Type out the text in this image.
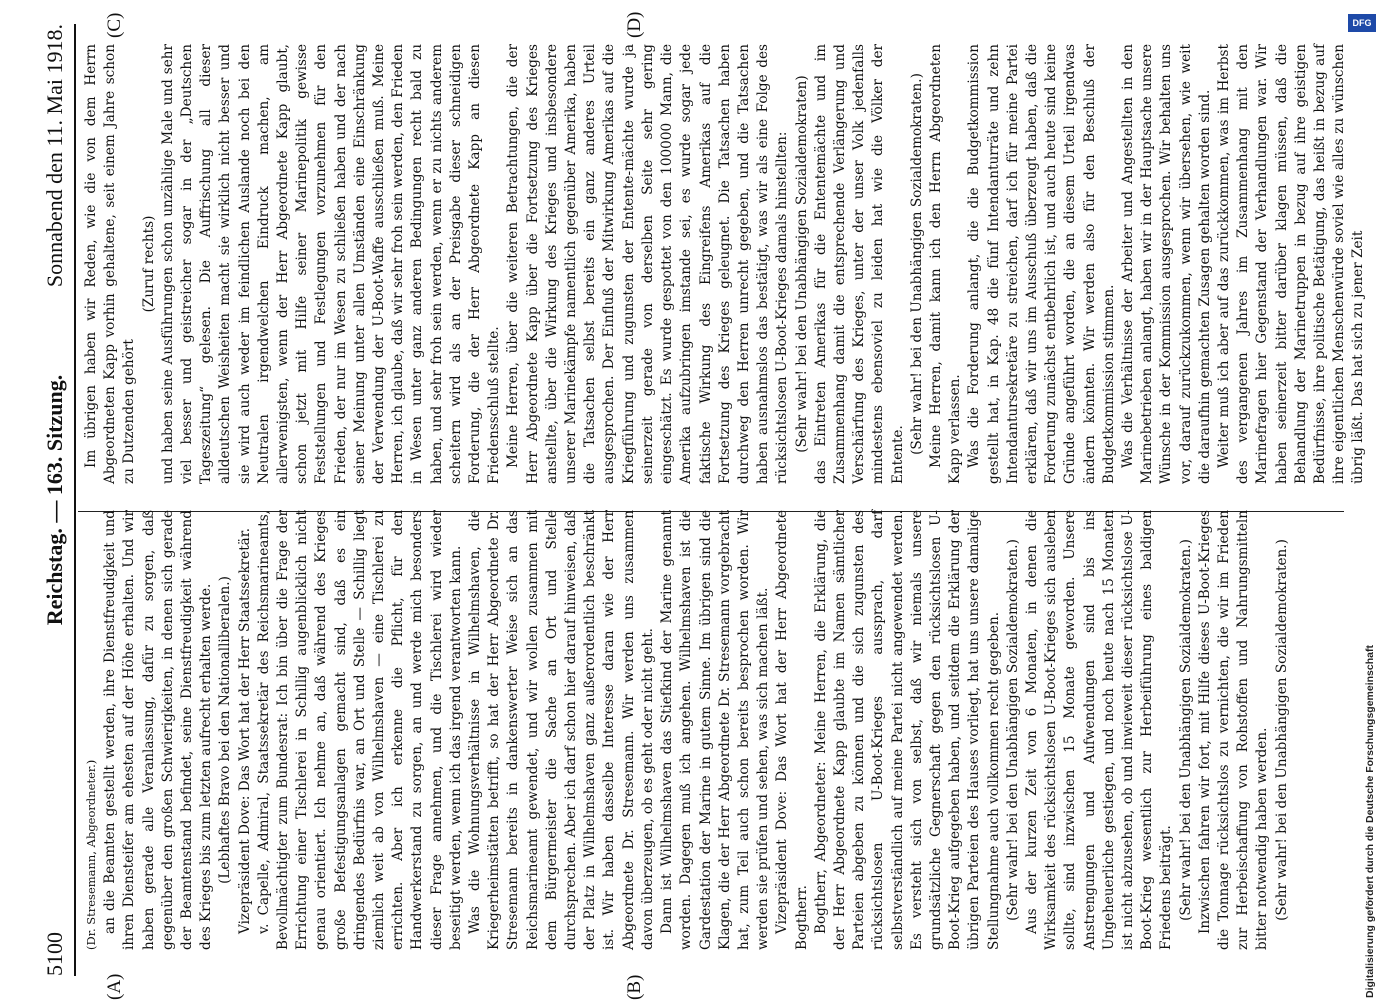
5100
Reichstag. — 163. Sitzung.
Sonnabend den 11. Mai 1918.
(A)	(B)
(C)	(D)

(Dr. Stresemann, Abgeordneter.) an die Beamten gestellt werden, ihre Dienstfreudigkeit und ihren Diensteifer am ehesten auf der Höhe erhalten. Und wir haben gerade alle Veranlassung, dafür zu sorgen, daß gegenüber den großen Schwierigkeiten, in denen sich gerade der Beamtenstand befindet, seine Dienstfreudigkeit während des Krieges bis zum letzten aufrecht erhalten werde. (Lebhaftes Bravo bei den Nationalliberalen.) Vizepräsident Dove: Das Wort hat der Herr Staatssekretär. v. Capelle, Admiral, Staatssekretär des Reichsmarineamts, Bevollmächtigter zum Bundesrat: Ich bin über die Frage der Errichtung einer Tischlerei in Schillig augenblicklich nicht genau orientiert. Ich nehme an, daß während des Krieges große Befestigungsanlagen gemacht sind, daß es ein dringendes Bedürfnis war, an Ort und Stelle — Schillig liegt ziemlich weit ab von Wilhelmshaven — eine Tischlerei zu errichten. Aber ich erkenne die Pflicht, für den Handwerkerstand zu sorgen, an und werde mich besonders dieser Frage annehmen, und die Tischlerei wird wieder beseitigt werden, wenn ich das irgend verantworten kann. Was die Wohnungsverhältnisse in Wilhelmshaven, die Kriegerheimstätten betrifft, so hat der Herr Abgeordnete Dr. Stresemann bereits in dankenswerter Weise sich an das Reichsmarineamt gewendet, und wir wollen zusammen mit dem Bürgermeister die Sache an Ort und Stelle durchsprechen. Aber ich darf schon hier darauf hinweisen, daß der Platz in Wilhelmshaven ganz außerordentlich beschränkt ist. Wir haben dasselbe Interesse daran wie der Herr Abgeordnete Dr. Stresemann. Wir werden uns zusammen davon überzeugen, ob es geht oder nicht geht. Dann ist Wilhelmshaven das Stiefkind der Marine genannt worden. Dagegen muß ich angehen. Wilhelmshaven ist die Gardestation der Marine in gutem Sinne. Im übrigen sind die Klagen, die der Herr Abgeordnete Dr. Stresemann vorgebracht hat, zum Teil auch schon bereits besprochen worden. Wir werden sie prüfen und sehen, was sich machen läßt. Vizepräsident Dove: Das Wort hat der Herr Abgeordnete Bogtherr. Bogtherr, Abgeordneter: Meine Herren, die Erklärung, die der Herr Abgeordnete Kapp glaubte im Namen sämtlicher Parteien abgeben zu können und die sich zugunsten des rücksichtslosen U-Boot-Krieges aussprach, darf selbstverständlich auf meine Partei nicht angewendet werden. Es versteht sich von selbst, daß wir niemals unsere grundsätzliche Gegnerschaft gegen den rücksichtslosen U-Boot-Krieg aufgegeben haben, und seitdem die Erklärung der übrigen Parteien des Hauses vorliegt, hat uns unsere damalige Stellungnahme auch vollkommen recht gegeben. (Sehr wahr! bei den Unabhängigen Sozialdemokraten.) Aus der kurzen Zeit von 6 Monaten, in denen die Wirksamkeit des rücksichtslosen U-Boot-Krieges sich ausleben sollte, sind inzwischen 15 Monate geworden. Unsere Anstrengungen und Aufwendungen sind bis ins Ungeheuerliche gestiegen, und noch heute nach 15 Monaten ist nicht abzusehen, ob und inwieweit dieser rücksichtslose U-Boot-Krieg wesentlich zur Herbeiführung eines baldigen Friedens beiträgt. (Sehr wahr! bei den Unabhängigen Sozialdemokraten.) Inzwischen fahren wir fort, mit Hilfe dieses U-Boot-Krieges die Tonnage rücksichtslos zu vernichten, die wir im Frieden zur Herbeischaffung von Rohstoffen und Nahrungsmitteln bitter notwendig haben werden. (Sehr wahr! bei den Unabhängigen Sozialdemokraten.)

Im übrigen haben wir Reden, wie die von dem Herrn Abgeordneten Kapp vorhin gehaltene, seit einem Jahre schon zu Dutzenden gehört

(Zuruf rechts) und haben seine Ausführungen schon unzählige Male und sehr viel besser und geistreicher sogar in der „Deutschen Tageszeitung“ gelesen. Die Auffrischung all dieser alldeutschen Weisheiten macht sie wirklich nicht besser und sie wird auch weder im feindlichen Auslande noch bei den Neutralen irgendwelchen Eindruck machen, am allerwenigsten, wenn der Herr Abgeordnete Kapp glaubt, schon jetzt mit Hilfe seiner Marinepolitik gewisse Feststellungen und Festlegungen vorzunehmen für den Frieden, der nur im Wesen zu schließen haben und der nach seiner Meinung unter allen Umständen eine Einschränkung der Verwendung der U-Boot-Waffe ausschließen muß. Meine Herren, ich glaube, daß wir sehr froh sein werden, den Frieden in Wesen unter ganz anderen Bedingungen recht bald zu haben, und sehr froh sein werden, wenn er zu nichts anderem scheitern wird als an der Preisgabe dieser schneidigen Forderung, die der Herr Abgeordnete Kapp an diesen Friedensschluß stellte. Meine Herren, über die weiteren Betrachtungen, die der Herr Abgeordnete Kapp über die Fortsetzung des Krieges anstellte, über die Wirkung des Krieges und insbesondere unserer Marinekämpfe namentlich gegenüber Amerika, haben die Tatsachen selbst bereits ein ganz anderes Urteil ausgesprochen. Der Einfluß der Mitwirkung Amerikas auf die Kriegführung und zugunsten der Entente-mächte wurde ja seinerzeit gerade von derselben Seite sehr gering eingeschätzt. Es wurde gespottet von den 100000 Mann, die Amerika aufzubringen imstande sei, es wurde sogar jede faktische Wirkung des Eingreifens Amerikas auf die Fortsetzung des Krieges geleugnet. Die Tatsachen haben durchweg den Herren unrecht gegeben, und die Tatsachen haben ausnahmslos das bestätigt, was wir als eine Folge des rücksichtslosen U-Boot-Krieges damals hinstellten: (Sehr wahr! bei den Unabhängigen Sozialdemokraten) das Eintreten Amerikas für die Ententemächte und im Zusammenhang damit die entsprechende Verlängerung und Verschärfung des Krieges, unter der unser Volk jedenfalls mindestens ebensoviel zu leiden hat wie die Völker der Entente. (Sehr wahr! bei den Unabhängigen Sozialdemokraten.) Meine Herren, damit kann ich den Herrn Abgeordneten Kapp verlassen. Was die Forderung anlangt, die die Budgetkommission gestellt hat, in Kap. 48 die fünf Intendanturräte und zehn Intendantursekretäre zu streichen, darf ich für meine Partei erklären, daß wir uns im Ausschuß überzeugt haben, daß die Forderung zunächst entbehrlich ist, und auch heute sind keine Gründe angeführt worden, die an diesem Urteil irgendwas ändern könnten. Wir werden also für den Beschluß der Budgetkommission stimmen. Was die Verhältnisse der Arbeiter und Angestellten in den Marinebetrieben anlangt, haben wir in der Hauptsache unsere Wünsche in der Kommission ausgesprochen. Wir behalten uns vor, darauf zurückzukommen, wenn wir übersehen, wie weit die daraufhin gemachten Zusagen gehalten worden sind. Weiter muß ich aber auf das zurückkommen, was im Herbst des vergangenen Jahres im Zusammenhang mit den Marinefragen hier Gegenstand der Verhandlungen war. Wir haben seinerzeit bitter darüber klagen müssen, daß die Behandlung der Marinetruppen in bezug auf ihre geistigen Bedürfnisse, ihre politische Betätigung, das heißt in bezug auf ihre eigentlichen Menschenwürde soviel wie alles zu wünschen übrig läßt. Das hat sich zu jener Zeit

DFG
Digitalisierung gefördert durch die Deutsche Forschungsgemeinschaft
